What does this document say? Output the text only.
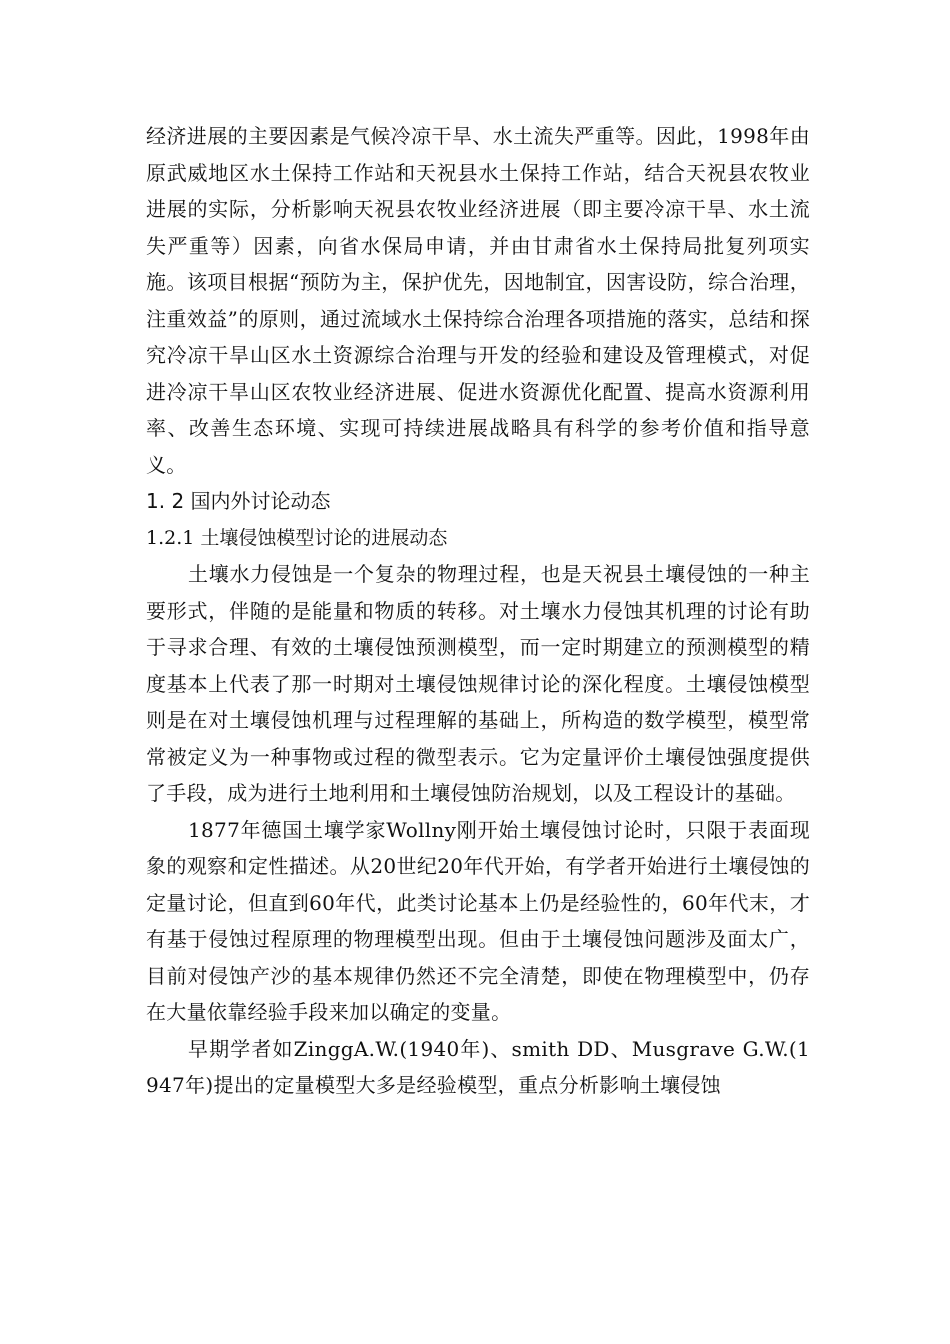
经济进展的主要因素是气候冷凉干旱、水土流失严重等。因此，1998年由原武威地区水土保持工作站和天祝县水土保持工作站，结合天祝县农牧业进展的实际，分析影响天祝县农牧业经济进展（即主要冷凉干旱、水土流失严重等）因素，向省水保局申请，并由甘肃省水土保持局批复列项实施。该项目根据“预防为主，保护优先，因地制宜，因害设防，综合治理，注重效益”的原则，通过流域水土保持综合治理各项措施的落实，总结和探究冷凉干旱山区水土资源综合治理与开发的经验和建设及管理模式，对促进冷凉干旱山区农牧业经济进展、促进水资源优化配置、提高水资源利用率、改善生态环境、实现可持续进展战略具有科学的参考价值和指导意义。

1. 2 国内外讨论动态

1.2.1 土壤侵蚀模型讨论的进展动态

土壤水力侵蚀是一个复杂的物理过程，也是天祝县土壤侵蚀的一种主要形式，伴随的是能量和物质的转移。对土壤水力侵蚀其机理的讨论有助于寻求合理、有效的土壤侵蚀预测模型，而一定时期建立的预测模型的精度基本上代表了那一时期对土壤侵蚀规律讨论的深化程度。土壤侵蚀模型则是在对土壤侵蚀机理与过程理解的基础上，所构造的数学模型，模型常常被定义为一种事物或过程的微型表示。它为定量评价土壤侵蚀强度提供了手段，成为进行土地利用和土壤侵蚀防治规划，以及工程设计的基础。

1877年德国土壤学家Wollny刚开始土壤侵蚀讨论时，只限于表面现象的观察和定性描述。从20世纪20年代开始，有学者开始进行土壤侵蚀的定量讨论，但直到60年代，此类讨论基本上仍是经验性的，60年代末，才有基于侵蚀过程原理的物理模型出现。但由于土壤侵蚀问题涉及面太广，目前对侵蚀产沙的基本规律仍然还不完全清楚，即使在物理模型中，仍存在大量依靠经验手段来加以确定的变量。

早期学者如ZinggA.W.(1940年)、smith DD、Musgrave G.W.(1947年)提出的定量模型大多是经验模型，重点分析影响土壤侵蚀
